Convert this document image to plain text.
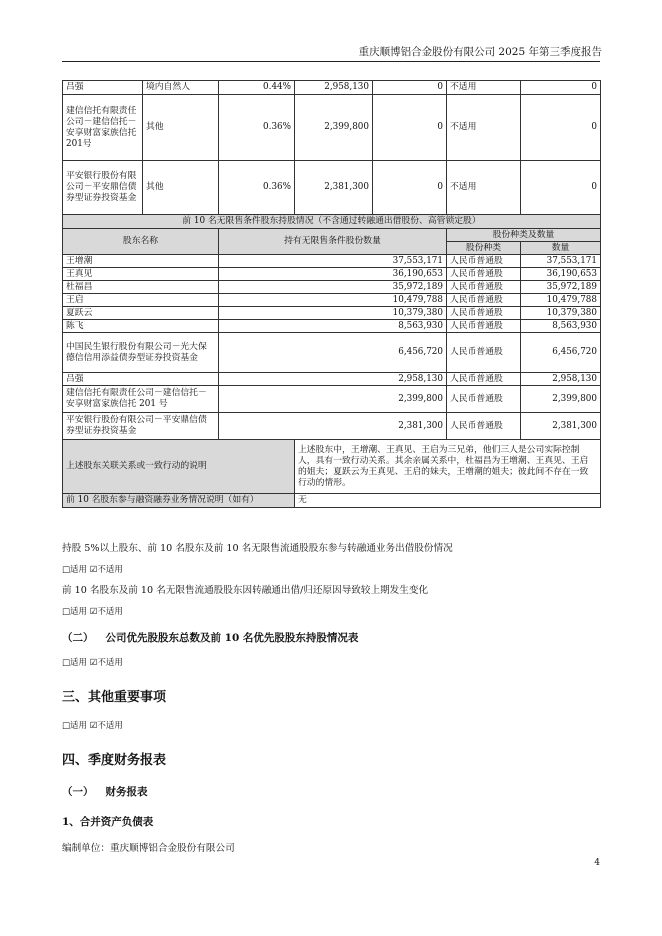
重庆顺博铝合金股份有限公司 2025 年第三季度报告
吕强	境内自然人	0.44%	2,958,130	0	不适用	0
建信信托有限责任公司－建信信托－安享财富家族信托201号	其他	0.36%	2,399,800	0	不适用	0
平安银行股份有限公司－平安鼎信债券型证券投资基金	其他	0.36%	2,381,300	0	不适用	0
前 10 名无限售条件股东持股情况（不含通过转融通出借股份、高管锁定股）						
股东名称		持有无限售条件股份数量			股份种类及数量	
					股份种类	数量
王增潮		37,553,171			人民币普通股	37,553,171
王真见		36,190,653			人民币普通股	36,190,653
杜福昌		35,972,189			人民币普通股	35,972,189
王启		10,479,788			人民币普通股	10,479,788
夏跃云		10,379,380			人民币普通股	10,379,380
陈飞		8,563,930			人民币普通股	8,563,930
中国民生银行股份有限公司－光大保德信信用添益债券型证券投资基金		6,456,720			人民币普通股	6,456,720
吕强		2,958,130			人民币普通股	2,958,130
建信信托有限责任公司－建信信托－安享财富家族信托 201 号		2,399,800			人民币普通股	2,399,800
平安银行股份有限公司－平安鼎信债券型证券投资基金		2,381,300			人民币普通股	2,381,300
上述股东关联关系或一致行动的说明			上述股东中，王增潮、王真见、王启为三兄弟，他们三人是公司实际控制人，具有一致行动关系。其余亲属关系中，杜福昌为王增潮、王真见、王启的姐夫；夏跃云为王真见、王启的妹夫，王增潮的姐夫；彼此间不存在一致行动的情形。			
前 10 名股东参与融资融券业务情况说明（如有）			无			
持股 5%以上股东、前 10 名股东及前 10 名无限售流通股股东参与转融通业务出借股份情况
□适用 ☑不适用
前 10 名股东及前 10 名无限售流通股股东因转融通出借/归还原因导致较上期发生变化
□适用 ☑不适用
（二） 公司优先股股东总数及前 10 名优先股股东持股情况表
□适用 ☑不适用
三、其他重要事项
□适用 ☑不适用
四、季度财务报表
（一） 财务报表
1、合并资产负债表
编制单位：重庆顺博铝合金股份有限公司
4
